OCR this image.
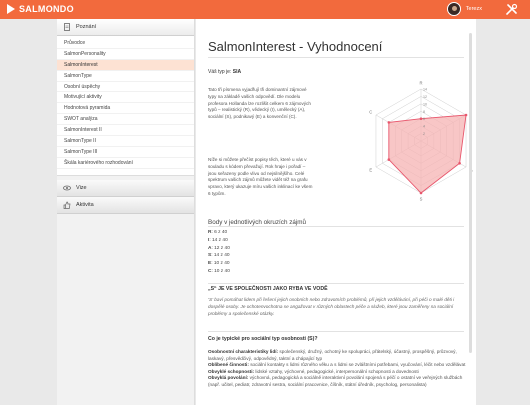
SALMONDO	Terezx
Poznání
Průvodce
SalmonPersonality
SalmonInterest
SalmonType
Osobní úspěchy
Motivující aktivity
Hodnotová pyramida
SWOT analýza
SalmonInterest II
SalmonType II
SalmonType III
Škála kariérového rozhodování
Vize
Aktivita
SalmonInterest - Vyhodnocení
Váš typ je: SIA

Tato tři písmena vyjadřují tři dominantní zájmové typy na základě vašich odpovědí. Dle modelu profesora Hollanda lze rozlišit celkem 6 zájmových typů – realistický (R), vědecký (I), umělecký (A), sociální (S), podnikavý (E) a konvenční (C).

Níže si můžete přečíst popisy těch, které u vás v souladu s kódem převažují. Rok hraje i pořadí – jsou seřazeny podle vlivu od nejsilnějšího. Celé spektrum vašich zájmů můžete vidět též na grafu vpravo, který ukazuje míru vašich inklinací ke všem 6 typům.

2
4
6
8
10
12
14
R
S
E
C
Body v jednotlivých okruzích zájmů
R: 6 z 40
I: 14 z 40
A: 12 z 40
S: 14 z 40
E: 10 z 40
C: 10 z 40
„S“ JE VE SPOLEČNOSTI JAKO RYBA VE VODĚ

‘S’ baví pomáhat lidem při řešení jejich osobních nebo zdravotních problémů, při jejich vzdělávání, při péči o malé děti i dospělé osoby. Je ochotenvochotna se angažovat v různých oblastech péče a služeb, které jsou zaměřeny na sociální problémy a společenské otázky.

Co je typické pro sociální typ osobnosti (S)?
Osobnostní charakteristiky lidí: společenský, družný, ochotný ke spolupráci, přátelský, účastný, prospěšný, průzvový, laskavý, přesvědčivý, odpovědný, taktní a chápající typ
Oblíbené činnosti: sociální kontakty s lidmi různého věku a s lidmi se zvláštními potřebami, vyučování, léčit nebo vzdělávat
Obvyklé schopnosti: lidské vztahy, výchovné, pedagogické, interpersonální schopnosti a dovednosti
Obvyklá povolání: výchovná, pedagogická a sociálně interaktivní povolání spojená s péčí o ostatní ve veřejných službách (např. učitel, pediatr, zdravotní sestra, sociální pracovnice, číšník, státní úředník, psycholog, personalista)
